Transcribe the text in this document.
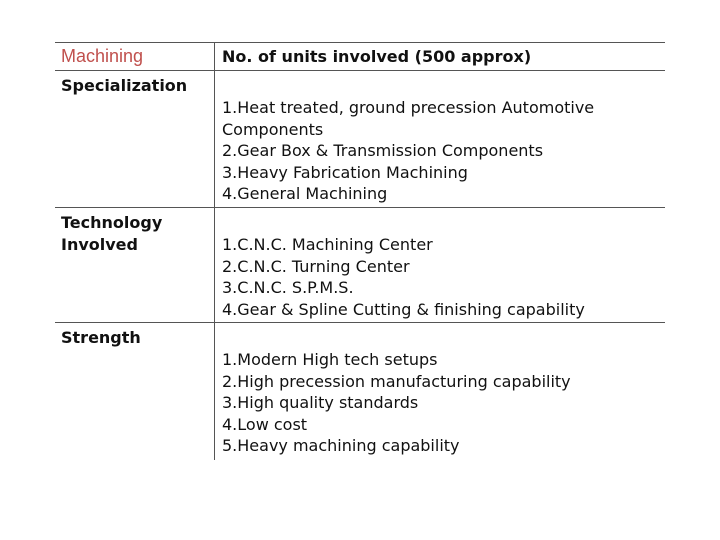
Machining	No. of units involved (500 approx)
Specialization
1.Heat treated, ground precession Automotive
Components
2.Gear Box & Transmission Components
3.Heavy Fabrication Machining
4.General Machining
Technology
Involved	1.C.N.C. Machining Center
2.C.N.C. Turning Center
3.C.N.C. S.P.M.S.
4.Gear & Spline Cutting & finishing capability
Strength
1.Modern High tech setups
2.High precession manufacturing capability
3.High quality standards
4.Low cost
5.Heavy machining capability
